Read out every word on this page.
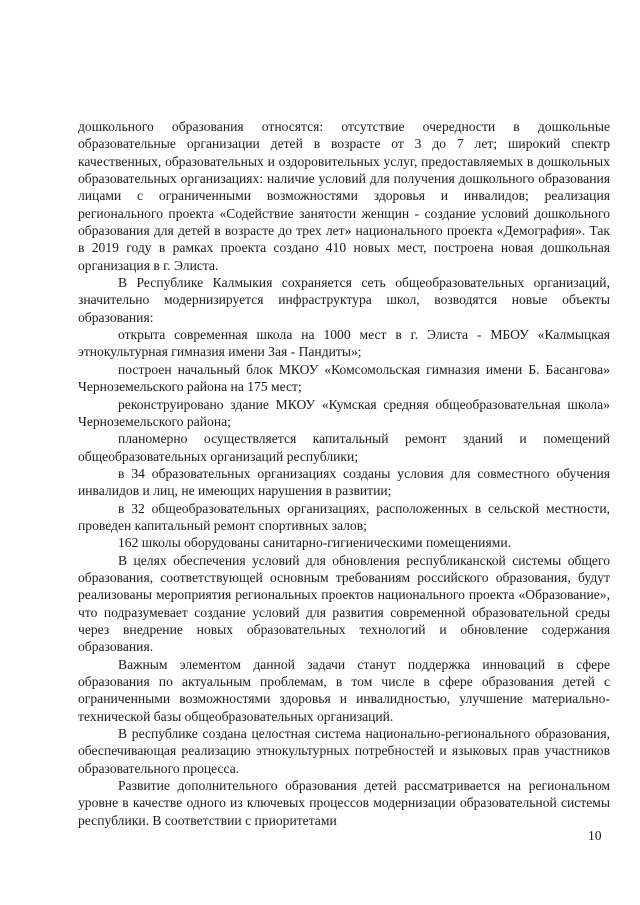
дошкольного образования относятся: отсутствие очередности в дошкольные образовательные организации детей в возрасте от 3 до 7 лет; широкий спектр качественных, образовательных и оздоровительных услуг, предоставляемых в дошкольных образовательных организациях: наличие условий для получения дошкольного образования лицами с ограниченными возможностями здоровья и инвалидов; реализация регионального проекта «Содействие занятости женщин - создание условий дошкольного образования для детей в возрасте до трех лет» национального проекта «Демография». Так в 2019 году в рамках проекта создано 410 новых мест, построена новая дошкольная организация в г. Элиста.

В Республике Калмыкия сохраняется сеть общеобразовательных организаций, значительно модернизируется инфраструктура школ, возводятся новые объекты образования:

открыта современная школа на 1000 мест в г. Элиста - МБОУ «Калмыцкая этнокультурная гимназия имени Зая - Пандиты»;

построен начальный блок МКОУ «Комсомольская гимназия имени Б. Басангова» Черноземельского района на 175 мест;

реконструировано здание МКОУ «Кумская средняя общеобразовательная школа» Черноземельского района;

планомерно осуществляется капитальный ремонт зданий и помещений общеобразовательных организаций республики;

в 34 образовательных организациях созданы условия для совместного обучения инвалидов и лиц, не имеющих нарушения в развитии;

в 32 общеобразовательных организациях, расположенных в сельской местности, проведен капитальный ремонт спортивных залов;

162 школы оборудованы санитарно-гигиеническими помещениями.

В целях обеспечения условий для обновления республиканской системы общего образования, соответствующей основным требованиям российского образования, будут реализованы мероприятия региональных проектов национального проекта «Образование», что подразумевает создание условий для развития современной образовательной среды через внедрение новых образовательных технологий и обновление содержания образования.

Важным элементом данной задачи станут поддержка инноваций в сфере образования по актуальным проблемам, в том числе в сфере образования детей с ограниченными возможностями здоровья и инвалидностью, улучшение материально-технической базы общеобразовательных организаций.

В республике создана целостная система национально-регионального образования, обеспечивающая реализацию этнокультурных потребностей и языковых прав участников образовательного процесса.

Развитие дополнительного образования детей рассматривается на региональном уровне в качестве одного из ключевых процессов модернизации образовательной системы республики. В соответствии с приоритетами

10
